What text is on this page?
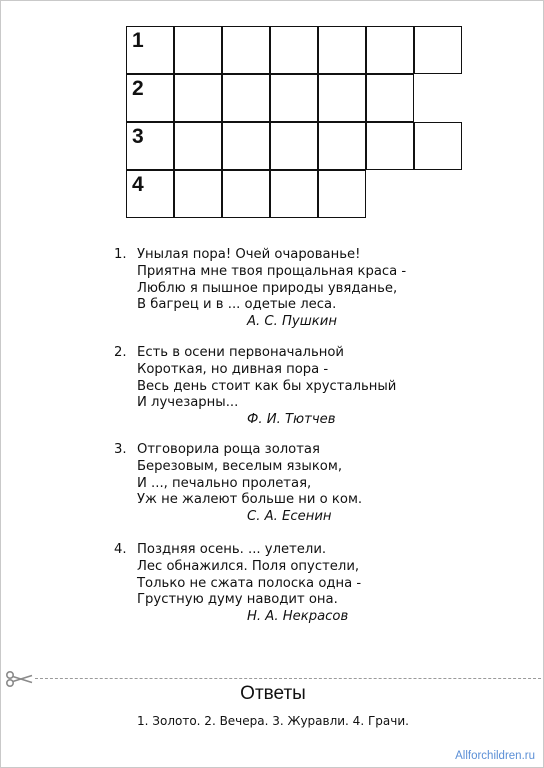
1
2
3
4
1. Унылая пора! Очей очарованье!
Приятна мне твоя прощальная краса -
Люблю я пышное природы увяданье,
В багрец и в ... одетые леса.
А. С. Пушкин
2. Есть в осени первоначальной
Короткая, но дивная пора -
Весь день стоит как бы хрустальный
И лучезарны...
Ф. И. Тютчев
3. Отговорила роща золотая
Березовым, веселым языком,
И ..., печально пролетая,
Уж не жалеют больше ни о ком.
С. А. Есенин
4. Поздняя осень. ... улетели.
Лес обнажился. Поля опустели,
Только не сжата полоска одна -
Грустную думу наводит она.
Н. А. Некрасов
Ответы
1. Золото. 2. Вечера. 3. Журавли. 4. Грачи.
Allforchildren.ru
